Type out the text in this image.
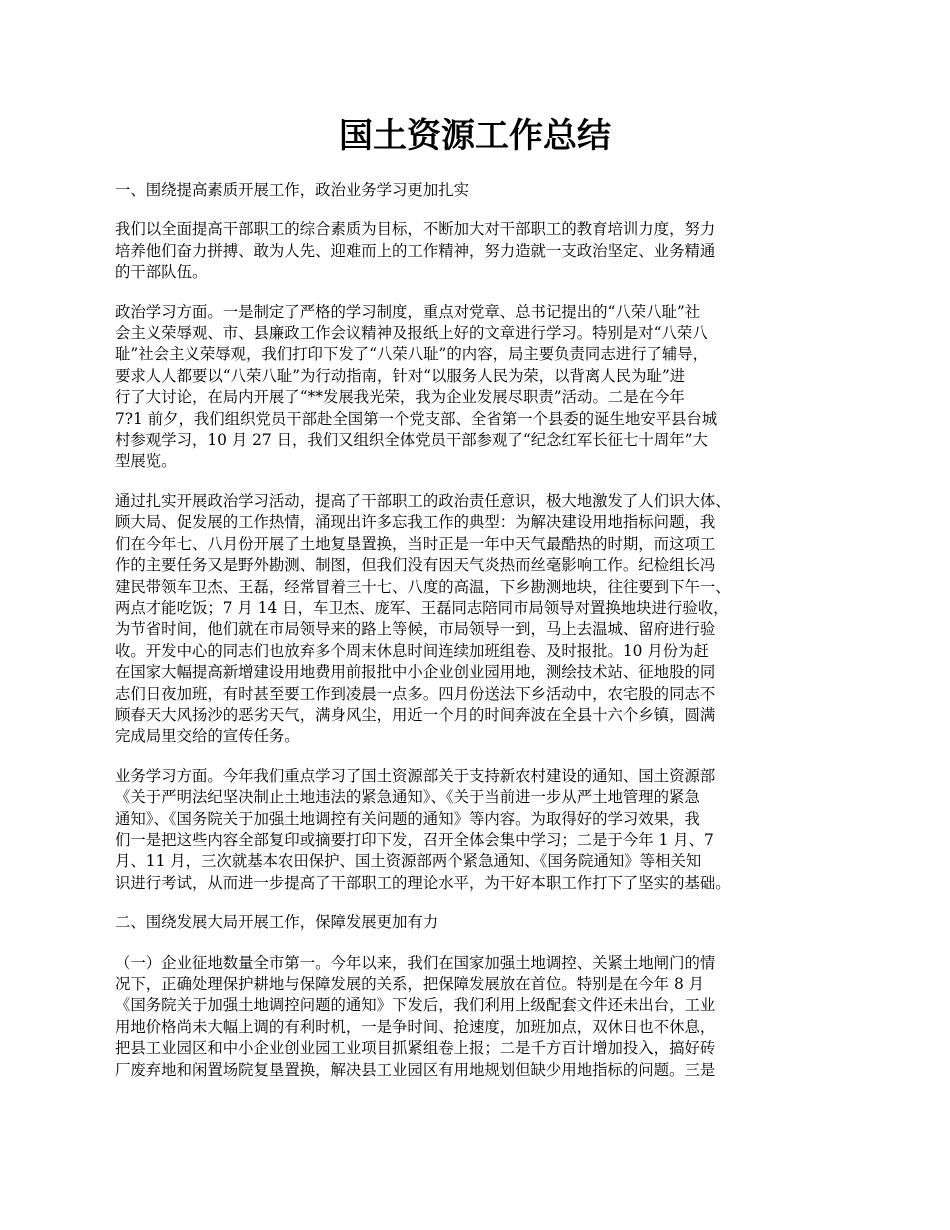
国土资源工作总结

一、围绕提高素质开展工作，政治业务学习更加扎实

我们以全面提高干部职工的综合素质为目标，不断加大对干部职工的教育培训力度，努力
培养他们奋力拼搏、敢为人先、迎难而上的工作精神，努力造就一支政治坚定、业务精通
的干部队伍。

政治学习方面。一是制定了严格的学习制度，重点对党章、总书记提出的“八荣八耻”社
会主义荣辱观、市、县廉政工作会议精神及报纸上好的文章进行学习。特别是对“八荣八
耻”社会主义荣辱观，我们打印下发了“八荣八耻”的内容，局主要负责同志进行了辅导，
要求人人都要以“八荣八耻”为行动指南，针对“以服务人民为荣，以背离人民为耻”进
行了大讨论，在局内开展了“**发展我光荣，我为企业发展尽职责”活动。二是在今年
7?1 前夕，我们组织党员干部赴全国第一个党支部、全省第一个县委的诞生地安平县台城
村参观学习，10 月 27 日，我们又组织全体党员干部参观了“纪念红军长征七十周年”大
型展览。

通过扎实开展政治学习活动，提高了干部职工的政治责任意识，极大地激发了人们识大体、
顾大局、促发展的工作热情，涌现出许多忘我工作的典型：为解决建设用地指标问题，我
们在今年七、八月份开展了土地复垦置换，当时正是一年中天气最酷热的时期，而这项工
作的主要任务又是野外勘测、制图，但我们没有因天气炎热而丝毫影响工作。纪检组长冯
建民带领车卫杰、王磊，经常冒着三十七、八度的高温，下乡勘测地块，往往要到下午一、
两点才能吃饭；7 月 14 日，车卫杰、庞军、王磊同志陪同市局领导对置换地块进行验收，
为节省时间，他们就在市局领导来的路上等候，市局领导一到，马上去温城、留府进行验
收。开发中心的同志们也放弃多个周末休息时间连续加班组卷、及时报批。10 月份为赶
在国家大幅提高新增建设用地费用前报批中小企业创业园用地，测绘技术站、征地股的同
志们日夜加班，有时甚至要工作到凌晨一点多。四月份送法下乡活动中，农宅股的同志不
顾春天大风扬沙的恶劣天气，满身风尘，用近一个月的时间奔波在全县十六个乡镇，圆满
完成局里交给的宣传任务。

业务学习方面。今年我们重点学习了国土资源部关于支持新农村建设的通知、国土资源部
《关于严明法纪坚决制止土地违法的紧急通知》、《关于当前进一步从严土地管理的紧急
通知》、《国务院关于加强土地调控有关问题的通知》等内容。为取得好的学习效果，我
们一是把这些内容全部复印或摘要打印下发，召开全体会集中学习；二是于今年 1 月、7
月、11 月，三次就基本农田保护、国土资源部两个紧急通知、《国务院通知》等相关知
识进行考试，从而进一步提高了干部职工的理论水平，为干好本职工作打下了坚实的基础。

二、围绕发展大局开展工作，保障发展更加有力

（一）企业征地数量全市第一。今年以来，我们在国家加强土地调控、关紧土地闸门的情
况下，正确处理保护耕地与保障发展的关系，把保障发展放在首位。特别是在今年 8 月
《国务院关于加强土地调控问题的通知》下发后，我们利用上级配套文件还未出台，工业
用地价格尚未大幅上调的有利时机，一是争时间、抢速度，加班加点，双休日也不休息，
把县工业园区和中小企业创业园工业项目抓紧组卷上报；二是千方百计增加投入，搞好砖
厂废弃地和闲置场院复垦置换，解决县工业园区有用地规划但缺少用地指标的问题。三是
